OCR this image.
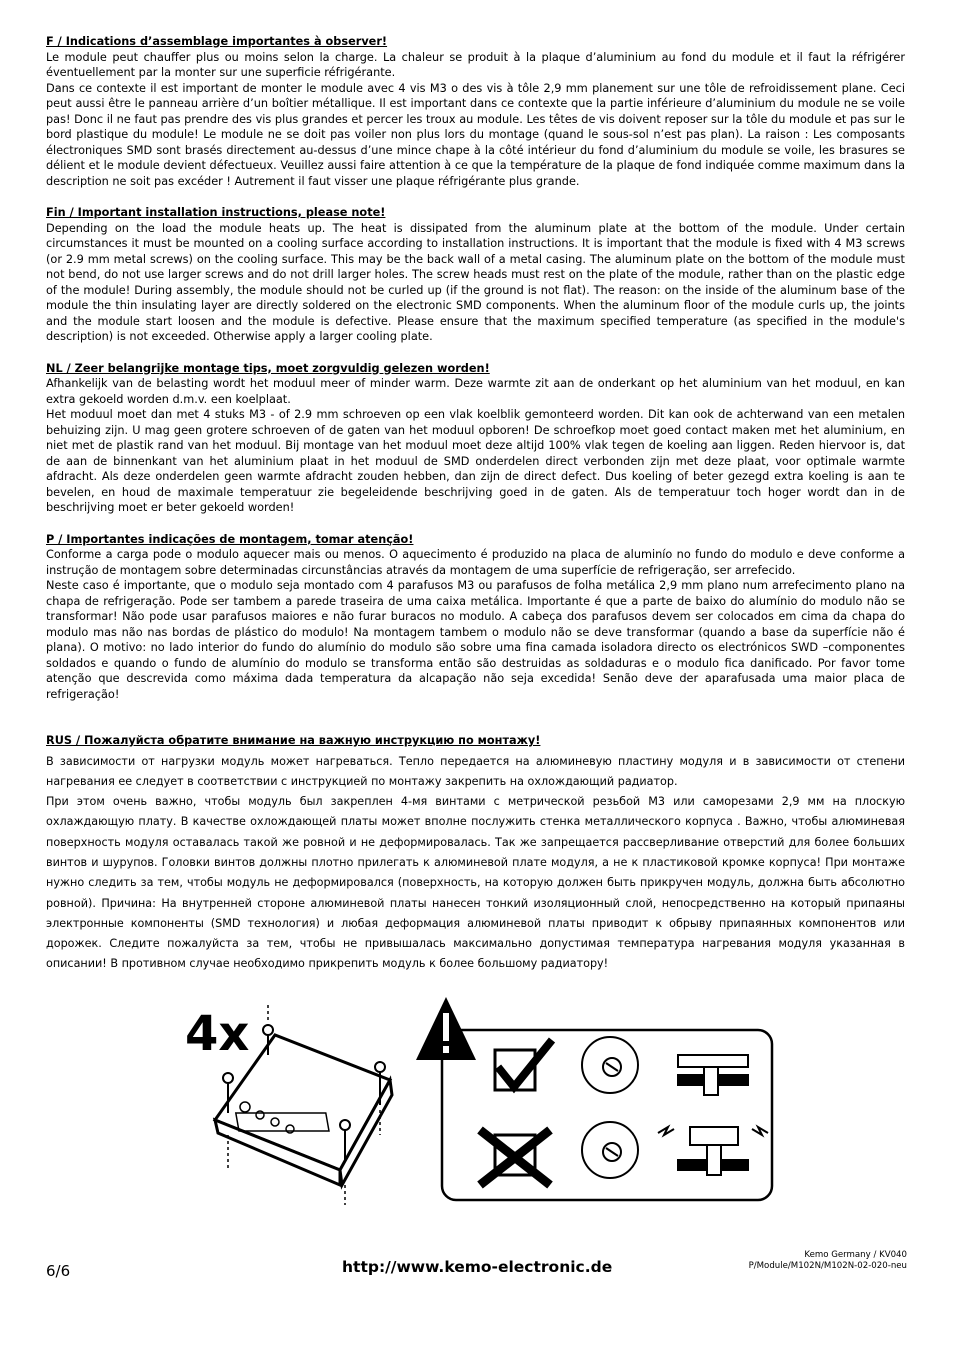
F / Indications d’assemblage importantes à observer!

Le module peut chauffer plus ou moins selon la charge. La chaleur se produit à la plaque d’aluminium au fond du module et il faut la réfrigérer éventuellement par la monter sur une superficie réfrigérante.

Dans ce contexte il est important de monter le module avec 4 vis M3 o des vis à tôle 2,9 mm planement sur une tôle de refroidissement plane. Ceci peut aussi être le panneau arrière d’un boîtier métallique. Il est important dans ce contexte que la partie inférieure d’aluminium du module ne se voile pas! Donc il ne faut pas prendre des vis plus grandes et percer les troux au module. Les têtes de vis doivent reposer sur la tôle du module et pas sur le bord plastique du module! Le module ne se doit pas voiler non plus lors du montage (quand le sous-sol n’est pas plan). La raison : Les composants électroniques SMD sont brasés directement au-dessus d’une mince chape à la côté intérieur du fond d’aluminium du module se voile, les brasures se délient et le module devient défectueux. Veuillez aussi faire attention à ce que la température de la plaque de fond indiquée comme maximum dans la description ne soit pas excéder ! Autrement il faut visser une plaque réfrigérante plus grande.

Fin / Important installation instructions, please note!

Depending on the load the module heats up. The heat is dissipated from the aluminum plate at the bottom of the module. Under certain circumstances it must be mounted on a cooling surface according to installation instructions. It is important that the module is fixed with 4 M3 screws (or 2.9 mm metal screws) on the cooling surface. This may be the back wall of a metal casing. The aluminum plate on the bottom of the module must not bend, do not use larger screws and do not drill larger holes. The screw heads must rest on the plate of the module, rather than on the plastic edge of the module! During assembly, the module should not be curled up (if the ground is not flat). The reason: on the inside of the aluminum base of the module the thin insulating layer are directly soldered on the electronic SMD components. When the aluminum floor of the module curls up, the joints and the module start loosen and the module is defective. Please ensure that the maximum specified temperature (as specified in the module's description) is not exceeded. Otherwise apply a larger cooling plate.

NL / Zeer belangrijke montage tips, moet zorgvuldig gelezen worden!

Afhankelijk van de belasting wordt het moduul meer of minder warm. Deze warmte zit aan de onderkant op het aluminium van het moduul, en kan extra gekoeld worden d.m.v. een koelplaat.

Het moduul moet dan met 4 stuks M3 - of 2.9 mm schroeven op een vlak koelblik gemonteerd worden. Dit kan ook de achterwand van een metalen behuizing zijn. U mag geen grotere schroeven of de gaten van het moduul opboren! De schroefkop moet goed contact maken met het aluminium, en niet met de plastik rand van het moduul. Bij montage van het moduul moet deze altijd 100% vlak tegen de koeling aan liggen. Reden hiervoor is, dat de aan de binnenkant van het aluminium plaat in het moduul de SMD onderdelen direct verbonden zijn met deze plaat, voor optimale warmte afdracht. Als deze onderdelen geen warmte afdracht zouden hebben, dan zijn de direct defect. Dus koeling of beter gezegd extra koeling is aan te bevelen, en houd de maximale temperatuur zie begeleidende beschrijving goed in de gaten. Als de temperatuur toch hoger wordt dan in de beschrijving moet er beter gekoeld worden!

P / Importantes indicações de montagem, tomar atenção!

Conforme a carga pode o modulo aquecer mais ou menos. O aquecimento é produzido na placa de aluminío no fundo do modulo e deve conforme a instrução de montagem sobre determinadas circunstâncias através da montagem de uma superfície de refrigeração, ser arrefecido.

Neste caso é importante, que o modulo seja montado com 4 parafusos M3 ou parafusos de folha metálica 2,9 mm plano num arrefecimento plano na chapa de refrigeração. Pode ser tambem a parede traseira de uma caixa metálica. Importante é que a parte de baixo do alumínio do modulo não se transformar! Não pode usar parafusos maiores e não furar buracos no modulo. A cabeça dos parafusos devem ser colocados em cima da chapa do modulo mas não nas bordas de plástico do modulo! Na montagem tambem o modulo não se deve transformar (quando a base da superfície não é plana). O motivo: no lado interior do fundo do alumínio do modulo são sobre uma fina camada isoladora directo os electrónicos SWD –componentes soldados e quando o fundo de alumínio do modulo se transforma então são destruidas as soldaduras e o modulo fica danificado. Por favor tome atenção que descrevida como máxima dada temperatura da alcapação não seja excedida! Senão deve der aparafusada uma maior placa de refrigeração!

RUS / Пожалуйста обратите внимание на важную инструкцию по монтажу!

В зависимости от нагрузки модуль может нагреваться. Тепло передается на алюминевую пластину модуля и в зависимости от степени нагревания ее следует в соответствии с инструкцией по монтажу закрепить на охлождающий радиатор.

При этом очень важно, чтобы модуль был закреплен 4-мя винтами с метрической резьбой M3 или саморезами 2,9 мм на плоскую охлаждающую плату. В качестве охлождающей платы может вполне послужить стенка металлического корпуса . Важно, чтобы алюминевая поверхность модуля оставалась такой же ровной и не деформировалась. Так же запрещается рассверливание отверстий для более больших винтов и шурупов. Головки винтов должны плотно прилегать к алюминевой плате модуля, а не к пластиковой кромке корпуса! При монтаже нужно следить за тем, чтобы модуль не деформировался (поверхность, на которую должен быть прикручен модуль, должна быть абсолютно ровной). Причина: На внутренней стороне алюминевой платы нанесен тонкий изоляционный слой, непосредственно на который припаяны электронные компоненты (SMD технология) и любая деформация алюминевой платы приводит к обрыву припаянных компонентов или дорожек. Следите пожалуйста за тем, чтобы не привышалась максимально допустимая температура нагревания модуля указанная в описании! В противном случае необходимо прикрепить модуль к более большому радиатору!

4x
6/6	http://www.kemo-electronic.de
Kemo Germany / KV040
P/Module/M102N/M102N-02-020-neu
